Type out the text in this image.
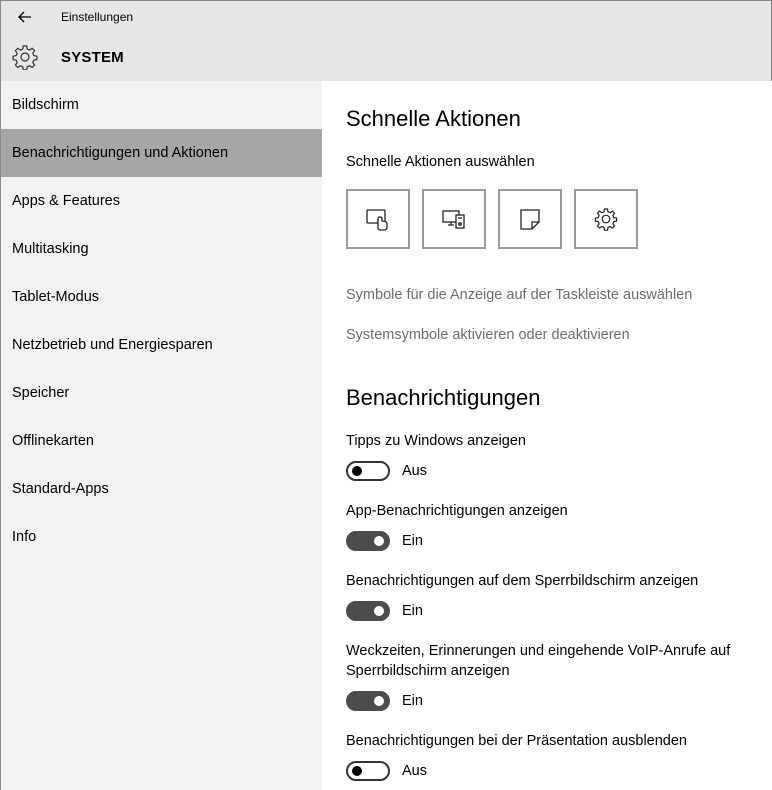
Einstellungen
SYSTEM
Bildschirm
Benachrichtigungen und Aktionen
Apps & Features
Multitasking
Tablet-Modus
Netzbetrieb und Energiesparen
Speicher
Offlinekarten
Standard-Apps
Info
Schnelle Aktionen
Schnelle Aktionen auswählen
Symbole für die Anzeige auf der Taskleiste auswählen
Systemsymbole aktivieren oder deaktivieren
Benachrichtigungen
Tipps zu Windows anzeigen
Aus
App-Benachrichtigungen anzeigen
Ein
Benachrichtigungen auf dem Sperrbildschirm anzeigen
Ein
Weckzeiten, Erinnerungen und eingehende VoIP-Anrufe auf Sperrbildschirm anzeigen
Ein
Benachrichtigungen bei der Präsentation ausblenden
Aus
